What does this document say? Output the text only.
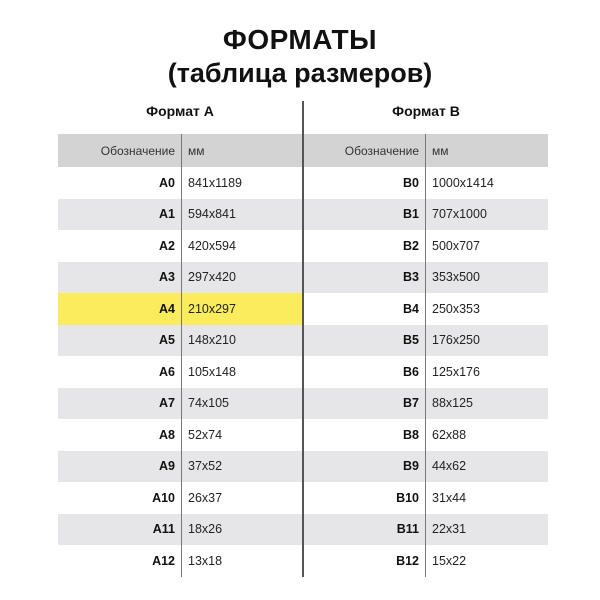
ФОРМАТЫ
(таблица размеров)
Формат A	Формат B
Обозначение	мм
A0	841x1189
A1	594x841
A2	420x594
A3	297x420
A4	210x297
A5	148x210
A6	105x148
A7	74x105
A8	52x74
A9	37x52
A10	26x37
A11	18x26
A12	13x18
Обозначение	мм
B0	1000x1414
B1	707x1000
B2	500x707
B3	353x500
B4	250x353
B5	176x250
B6	125x176
B7	88x125
B8	62x88
B9	44x62
B10	31x44
B11	22x31
B12	15x22
